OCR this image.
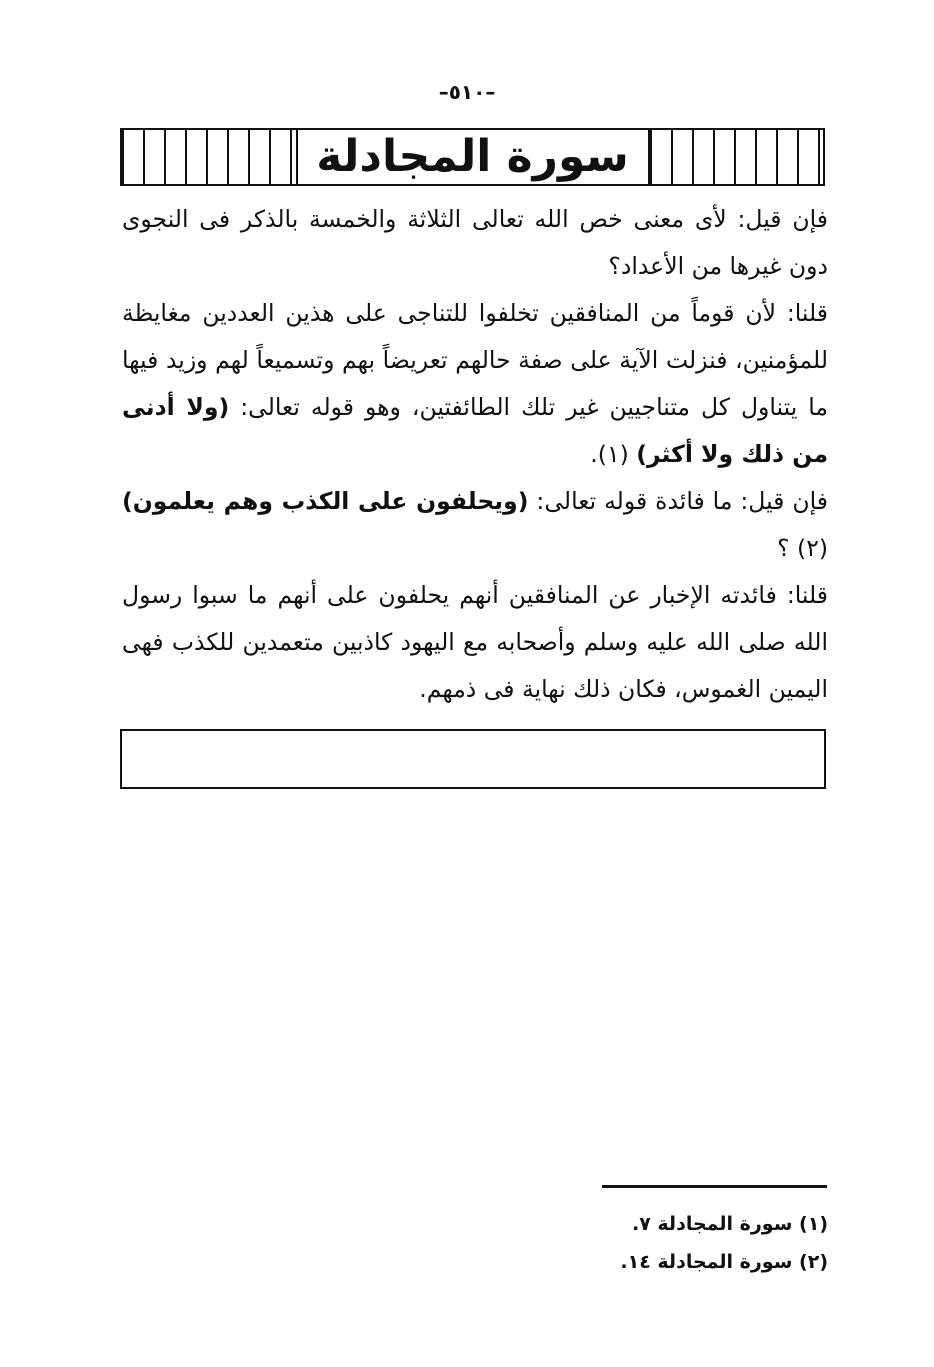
–٥١٠–
سورة المجادلة

فإن قيل: لأى معنى خص الله تعالى الثلاثة والخمسة بالذكر فى النجوى دون غيرها من الأعداد؟

قلنا: لأن قوماً من المنافقين تخلفوا للتناجى على هذين العددين مغايظة للمؤمنين، فنزلت الآية على صفة حالهم تعريضاً بهم وتسميعاً لهم وزيد فيها ما يتناول كل متناجيين غير تلك الطائفتين، وهو قوله تعالى: (ولا أدنى من ذلك ولا أكثر) (١).

فإن قيل: ما فائدة قوله تعالى: (ويحلفون على الكذب وهم يعلمون) (٢) ؟

قلنا: فائدته الإخبار عن المنافقين أنهم يحلفون على أنهم ما سبوا رسول الله صلى الله عليه وسلم وأصحابه مع اليهود كاذبين متعمدين للكذب فهى اليمين الغموس، فكان ذلك نهاية فى ذمهم.

(١) سورة المجادلة ٧.

(٢) سورة المجادلة ١٤.
